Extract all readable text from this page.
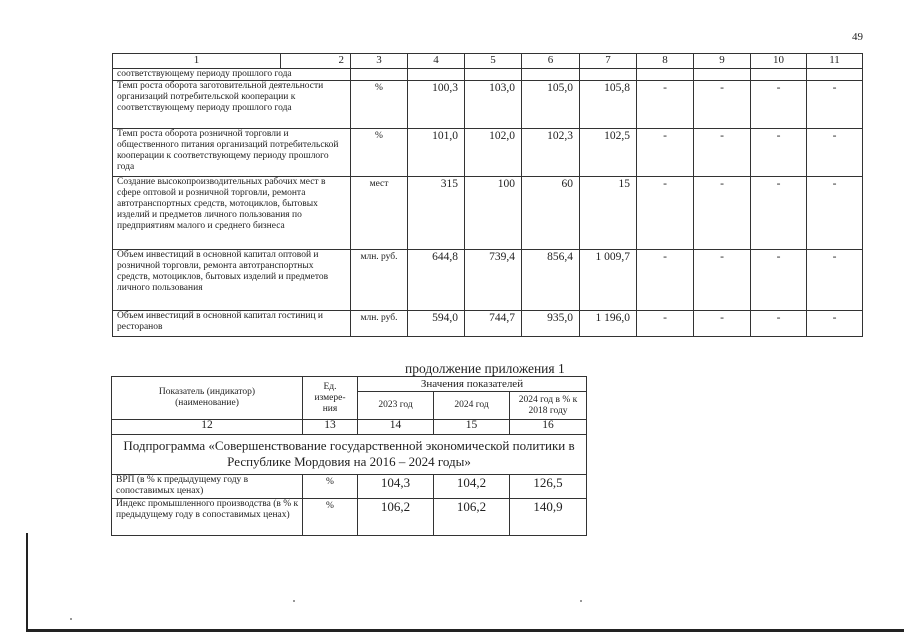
49
1	2	3	4	5	6	7	8	9	10	11
соответствующему периоду прошлого года										
Темп роста оборота заготовительной деятельности организаций потребительской кооперации к соответствующему периоду прошлого года		%	100,3	103,0	105,0	105,8	-	-	-	-
Темп роста оборота розничной торговли и общественного питания организаций потребительской кооперации к соответствующему периоду прошлого года		%	101,0	102,0	102,3	102,5	-	-	-	-
Создание высокопроизводительных рабочих мест в сфере оптовой и розничной торговли, ремонта автотранспортных средств, мотоциклов, бытовых изделий и предметов личного пользования по предприятиям малого и среднего бизнеса		мест	315	100	60	15	-	-	-	-
Объем инвестиций в основной капитал оптовой и розничной торговли, ремонта автотранспортных средств, мотоциклов, бытовых изделий и предметов личного пользования		млн. руб.	644,8	739,4	856,4	1 009,7	-	-	-	-
Объем инвестиций в основной капитал гостиниц и ресторанов		млн. руб.	594,0	744,7	935,0	1 196,0	-	-	-	-
продолжение приложения 1
Показатель (индикатор) (наименование)	Ед. измере-ния	Значения показателей		
		2023 год	2024 год	2024 год в % к 2018 году
12	13	14	15	16
Подпрограмма «Совершенствование государственной экономической политики в Республике Мордовия на 2016 – 2024 годы»				
ВРП (в % к предыдущему году в сопоставимых ценах)	%	104,3	104,2	126,5
Индекс промышленного производства (в % к предыдущему году в сопоставимых ценах)	%	106,2	106,2	140,9
